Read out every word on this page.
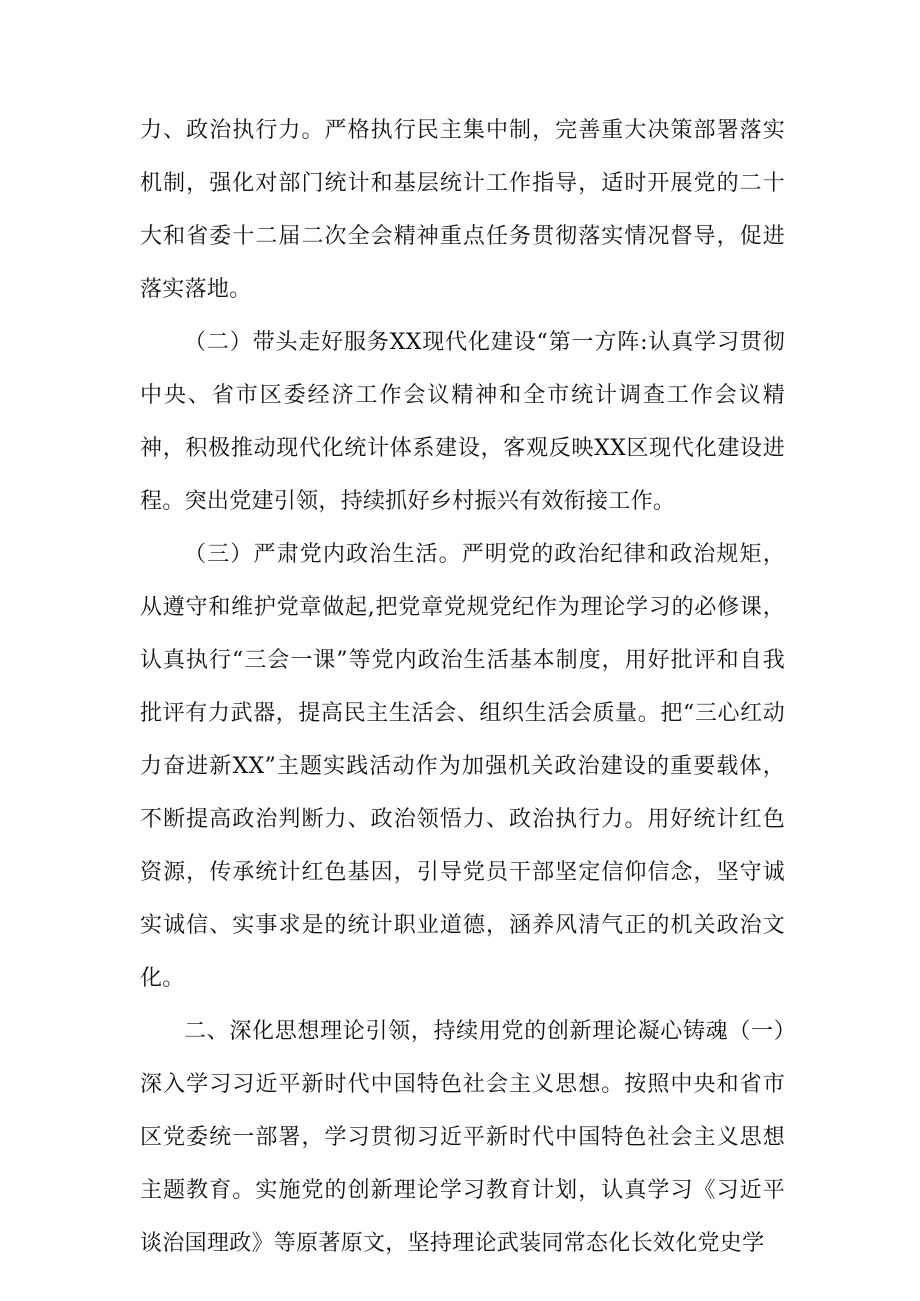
力、政治执行力。严格执行民主集中制，完善重大决策部署落实机制，强化对部门统计和基层统计工作指导，适时开展党的二十大和省委十二届二次全会精神重点任务贯彻落实情况督导，促进落实落地。

（二）带头走好服务XX现代化建设“第一方阵:认真学习贯彻中央、省市区委经济工作会议精神和全市统计调查工作会议精神，积极推动现代化统计体系建设，客观反映XX区现代化建设进程。突出党建引领，持续抓好乡村振兴有效衔接工作。

（三）严肃党内政治生活。严明党的政治纪律和政治规矩，从遵守和维护党章做起,把党章党规党纪作为理论学习的必修课，认真执行“三会一课”等党内政治生活基本制度，用好批评和自我批评有力武器，提高民主生活会、组织生活会质量。把“三心红动力奋进新XX”主题实践活动作为加强机关政治建设的重要载体，不断提高政治判断力、政治领悟力、政治执行力。用好统计红色资源，传承统计红色基因，引导党员干部坚定信仰信念，坚守诚实诚信、实事求是的统计职业道德，涵养风清气正的机关政治文化。

二、深化思想理论引领，持续用党的创新理论凝心铸魂（一）深入学习习近平新时代中国特色社会主义思想。按照中央和省市区党委统一部署，学习贯彻习近平新时代中国特色社会主义思想主题教育。实施党的创新理论学习教育计划，认真学习《习近平谈治国理政》等原著原文，坚持理论武装同常态化长效化党史学
